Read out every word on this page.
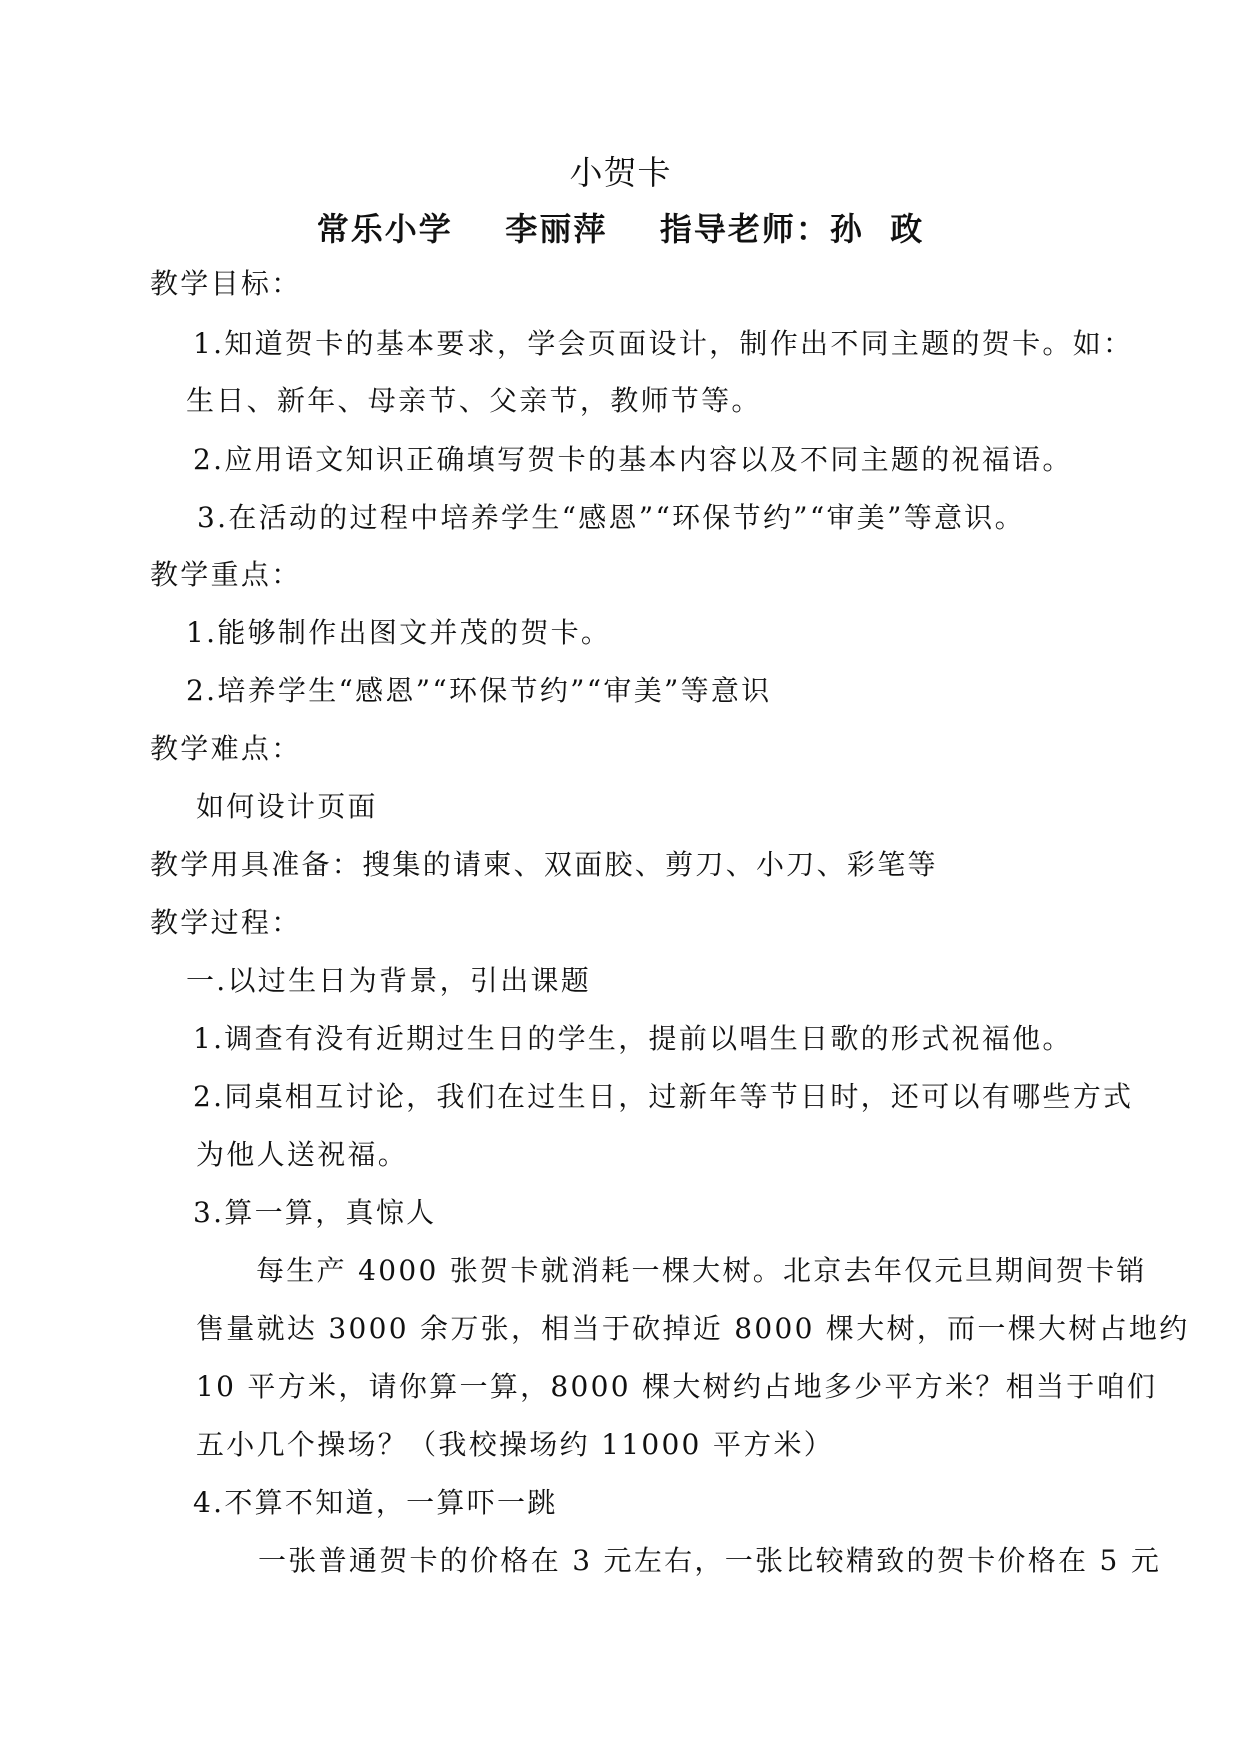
小贺卡
常乐小学    李丽萍    指导老师：孙  政
教学目标：
1.知道贺卡的基本要求，学会页面设计，制作出不同主题的贺卡。如：
生日、新年、母亲节、父亲节，教师节等。
2.应用语文知识正确填写贺卡的基本内容以及不同主题的祝福语。
3.在活动的过程中培养学生“感恩”“环保节约”“审美”等意识。
教学重点：
1.能够制作出图文并茂的贺卡。
2.培养学生“感恩”“环保节约”“审美”等意识
教学难点：
如何设计页面
教学用具准备：搜集的请柬、双面胶、剪刀、小刀、彩笔等
教学过程：
一.以过生日为背景，引出课题
1.调查有没有近期过生日的学生，提前以唱生日歌的形式祝福他。
2.同桌相互讨论，我们在过生日，过新年等节日时，还可以有哪些方式
为他人送祝福。
3.算一算，真惊人
每生产 4000 张贺卡就消耗一棵大树。北京去年仅元旦期间贺卡销
售量就达 3000 余万张，相当于砍掉近 8000 棵大树，而一棵大树占地约
10 平方米，请你算一算，8000 棵大树约占地多少平方米？相当于咱们
五小几个操场？（我校操场约 11000 平方米）
4.不算不知道，一算吓一跳
一张普通贺卡的价格在 3 元左右，一张比较精致的贺卡价格在 5 元
